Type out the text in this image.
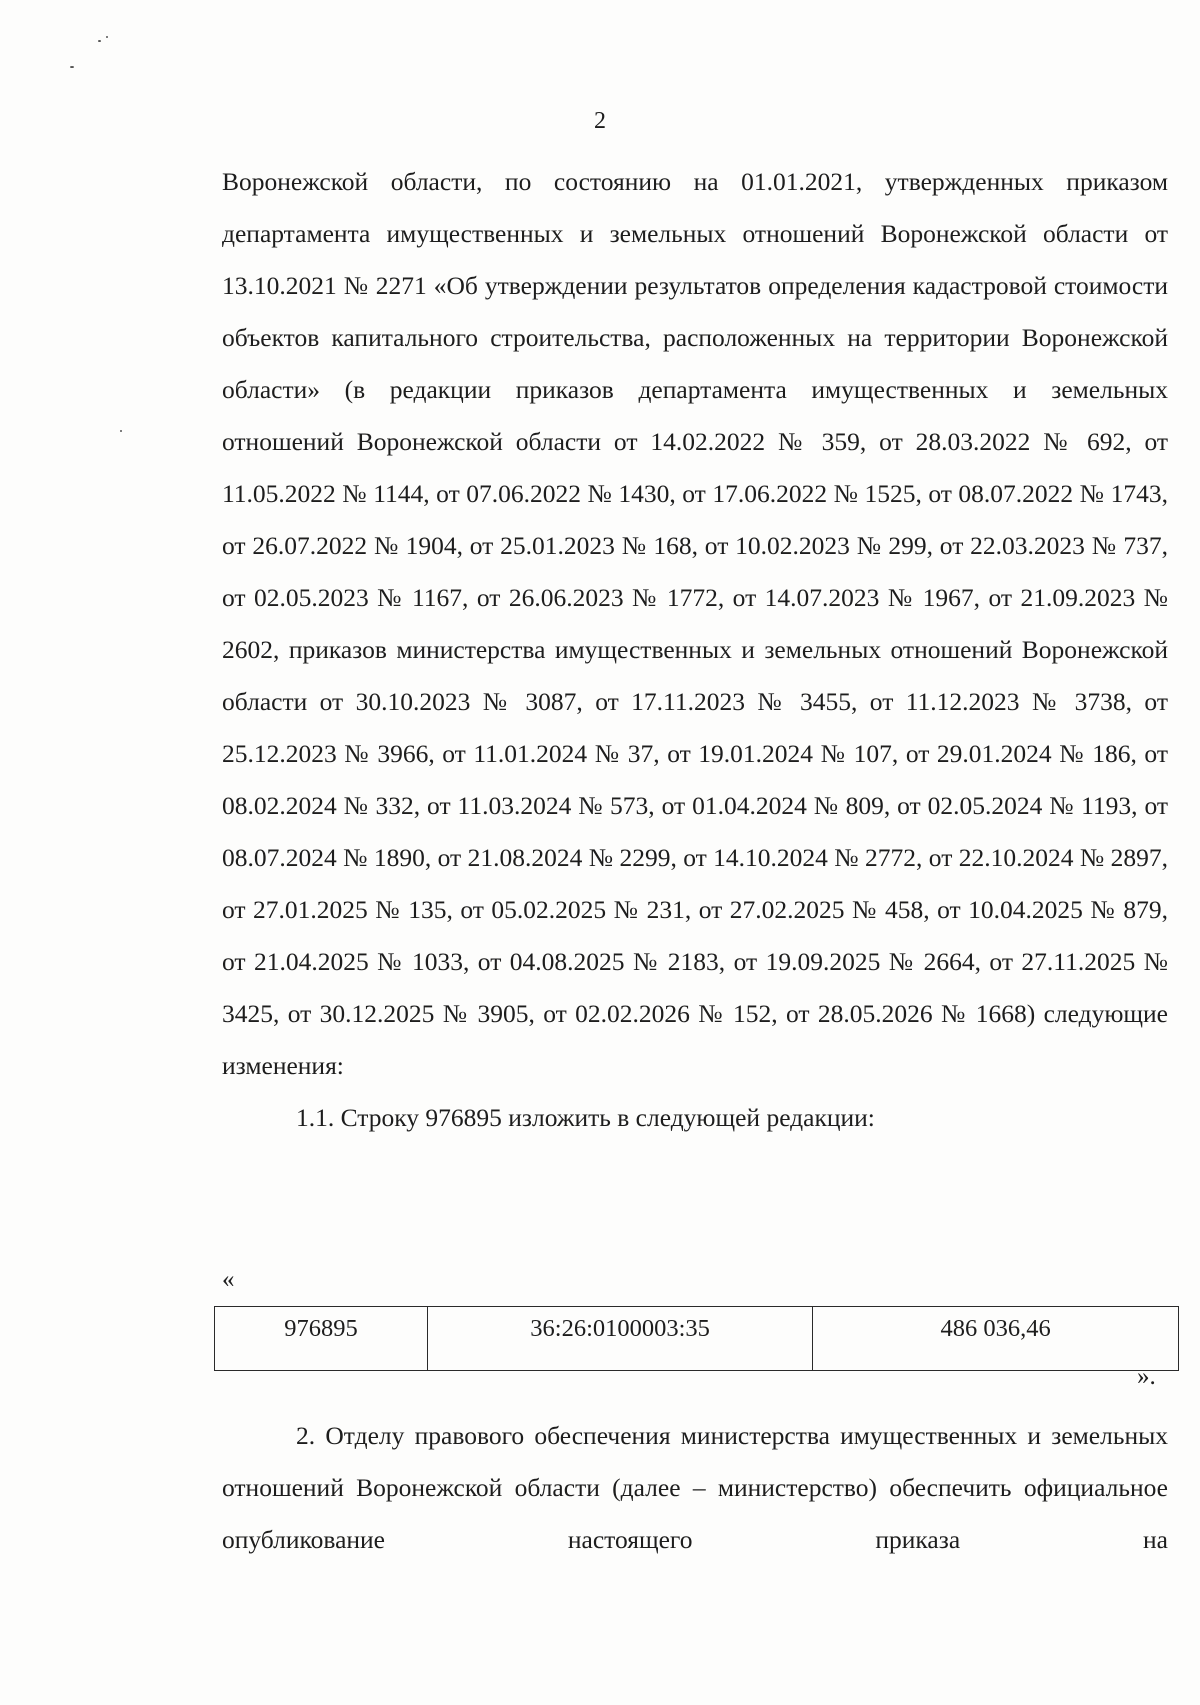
2

Воронежской области, по состоянию на 01.01.2021, утвержденных приказом департамента имущественных и земельных отношений Воронежской области от 13.10.2021 № 2271 «Об утверждении результатов определения кадастровой стоимости объектов капитального строительства, расположенных на территории Воронежской области» (в редакции приказов департамента имущественных и земельных отношений Воронежской области от 14.02.2022 № 359, от 28.03.2022 № 692, от 11.05.2022 № 1144, от 07.06.2022 № 1430, от 17.06.2022 № 1525, от 08.07.2022 № 1743, от 26.07.2022 № 1904, от 25.01.2023 № 168, от 10.02.2023 № 299, от 22.03.2023 № 737, от 02.05.2023 № 1167, от 26.06.2023 № 1772, от 14.07.2023 № 1967, от 21.09.2023 № 2602, приказов министерства имущественных и земельных отношений Воронежской области от 30.10.2023 № 3087, от 17.11.2023 № 3455, от 11.12.2023 № 3738, от 25.12.2023 № 3966, от 11.01.2024 № 37, от 19.01.2024 № 107, от 29.01.2024 № 186, от 08.02.2024 № 332, от 11.03.2024 № 573, от 01.04.2024 № 809, от 02.05.2024 № 1193, от 08.07.2024 № 1890, от 21.08.2024 № 2299, от 14.10.2024 № 2772, от 22.10.2024 № 2897, от 27.01.2025 № 135, от 05.02.2025 № 231, от 27.02.2025 № 458, от 10.04.2025 № 879, от 21.04.2025 № 1033, от 04.08.2025 № 2183, от 19.09.2025 № 2664, от 27.11.2025 № 3425, от 30.12.2025 № 3905, от 02.02.2026 № 152, от 28.05.2026 № 1668) следующие изменения:

1.1. Строку 976895 изложить в следующей редакции:

«
976895	36:26:0100003:35	486 036,46
».

2. Отделу правового обеспечения министерства имущественных и земельных отношений Воронежской области (далее – министерство) обеспечить официальное опубликование настоящего приказа на
